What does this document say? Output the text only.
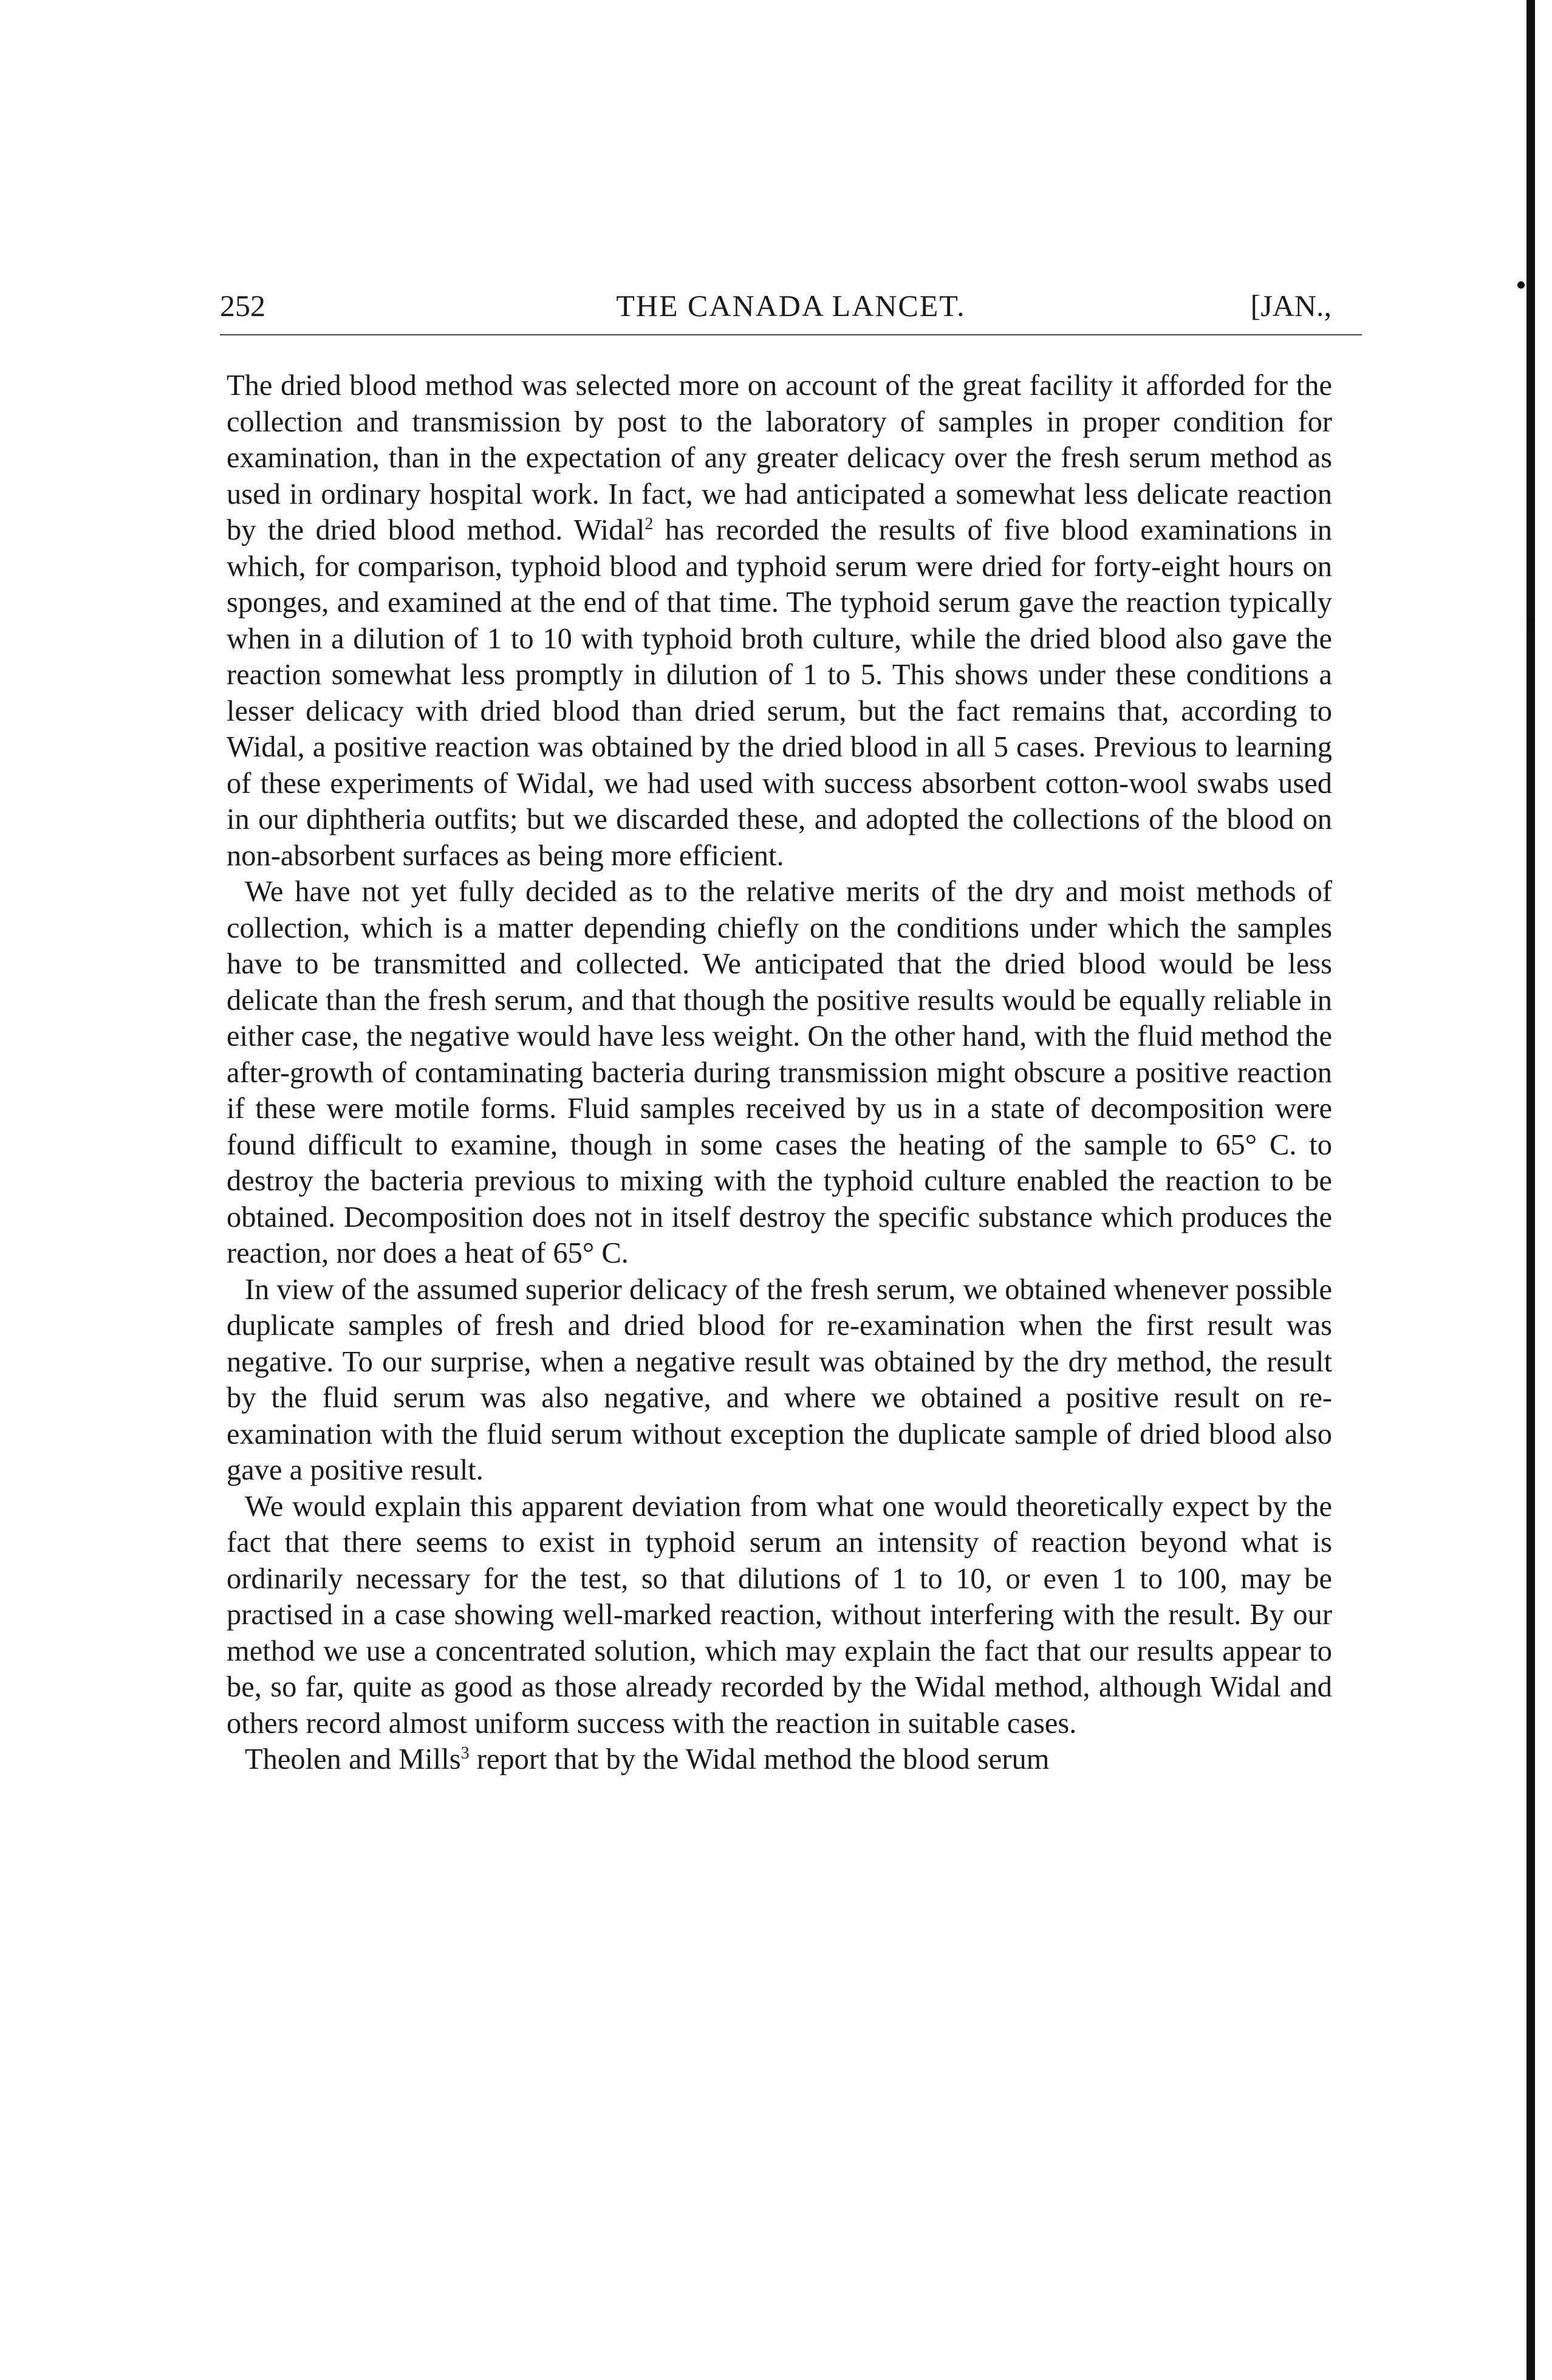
252	THE CANADA LANCET.	[JAN.,

The dried blood method was selected more on account of the great facility it afforded for the collection and transmission by post to the laboratory of samples in proper condition for examination, than in the expectation of any greater delicacy over the fresh serum method as used in ordinary hospital work. In fact, we had anticipated a somewhat less delicate reaction by the dried blood method. Widal$^2$ has recorded the results of five blood examinations in which, for comparison, typhoid blood and typhoid serum were dried for forty-eight hours on sponges, and examined at the end of that time. The typhoid serum gave the reaction typically when in a dilution of 1 to 10 with typhoid broth culture, while the dried blood also gave the reaction somewhat less promptly in dilution of 1 to 5. This shows under these conditions a lesser delicacy with dried blood than dried serum, but the fact remains that, according to Widal, a positive reaction was obtained by the dried blood in all 5 cases. Previous to learning of these experiments of Widal, we had used with success absorbent cotton-wool swabs used in our diphtheria outfits; but we discarded these, and adopted the collections of the blood on non-absorbent surfaces as being more efficient.

We have not yet fully decided as to the relative merits of the dry and moist methods of collection, which is a matter depending chiefly on the conditions under which the samples have to be transmitted and collected. We anticipated that the dried blood would be less delicate than the fresh serum, and that though the positive results would be equally reliable in either case, the negative would have less weight. On the other hand, with the fluid method the after-growth of contaminating bacteria during transmission might obscure a positive reaction if these were motile forms. Fluid samples received by us in a state of decomposition were found difficult to examine, though in some cases the heating of the sample to 65° C. to destroy the bacteria previous to mixing with the typhoid culture enabled the reaction to be obtained. Decomposition does not in itself destroy the specific substance which produces the reaction, nor does a heat of 65° C.

In view of the assumed superior delicacy of the fresh serum, we obtained whenever possible duplicate samples of fresh and dried blood for re-examination when the first result was negative. To our surprise, when a negative result was obtained by the dry method, the result by the fluid serum was also negative, and where we obtained a positive result on re-examination with the fluid serum without exception the duplicate sample of dried blood also gave a positive result.

We would explain this apparent deviation from what one would theoretically expect by the fact that there seems to exist in typhoid serum an intensity of reaction beyond what is ordinarily necessary for the test, so that dilutions of 1 to 10, or even 1 to 100, may be practised in a case showing well-marked reaction, without interfering with the result. By our method we use a concentrated solution, which may explain the fact that our results appear to be, so far, quite as good as those already recorded by the Widal method, although Widal and others record almost uniform success with the reaction in suitable cases.

Theolen and Mills$^3$ report that by the Widal method the blood serum
